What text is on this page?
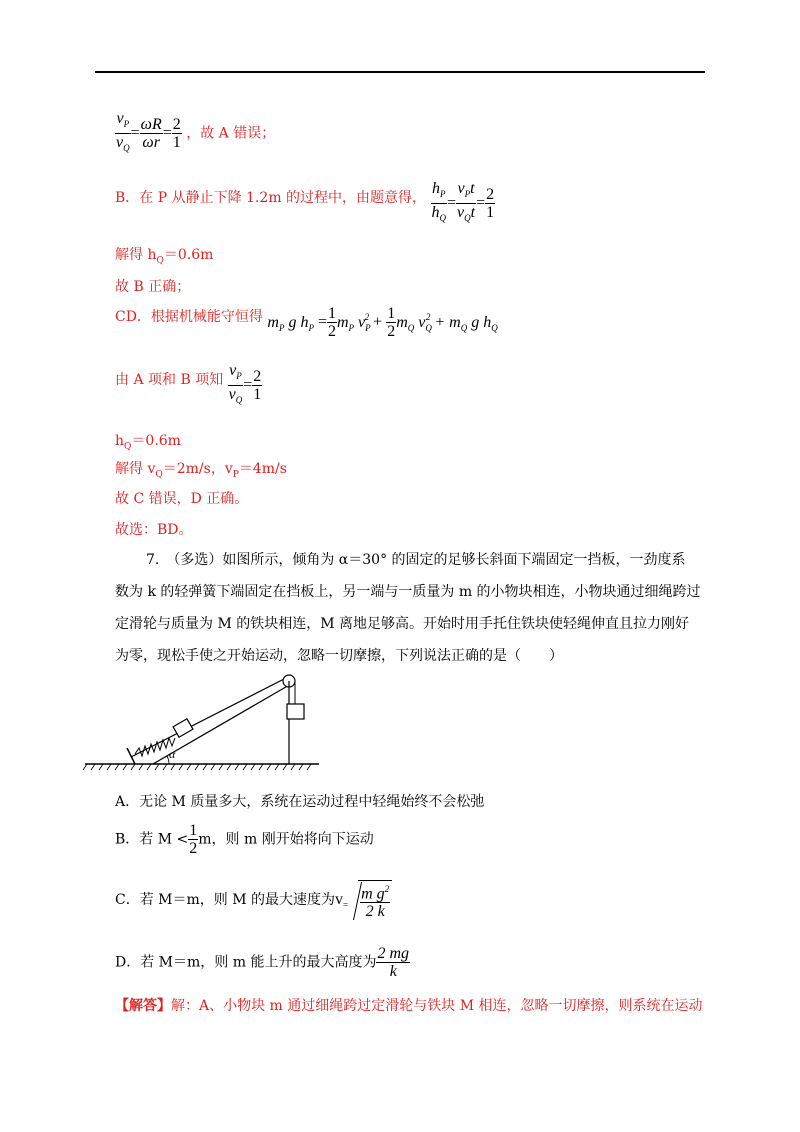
$\frac{v_P}{v_Q} = \frac{\omega R}{\omega r} = \frac{2}{1}$ ，故 A 错误；
B．在 P 从静止下降 1.2m 的过程中，由题意得， $\frac{h_P}{h_Q} = \frac{v_Pt}{v_Qt} = \frac{2}{1}$
解得 $h_Q=0.6m$
故 B 正确；
CD．根据机械能守恒得 $m_P$ g $h_P = \frac{1}{2} m_P$ $v_P^2 + \frac{1}{2} m_Q$ $v_Q^2 + m_Q$ g $h_Q$
由 A 项和 B 项知 $\frac{v_P}{v_Q} = \frac{2}{1}$
$h_Q=0.6m$
解得 $v_Q=2m/s$，$v_P=4m/s$
故 C 错误，D 正确。
故选：BD。
7.　（多选）如图所示，倾角为 α＝30° 的固定的足够长斜面下端固定一挡板，一劲度系
数为 k 的轻弹簧下端固定在挡板上，另一端与一质量为 m 的小物块相连，小物块通过细绳跨过
定滑轮与质量为 M 的铁块相连，M 离地足够高。开始时用手托住铁块使轻绳伸直且拉力刚好
为零，现松手使之开始运动，忽略一切摩擦，下列说法正确的是（　　）
α
A．无论 M 质量多大，系统在运动过程中轻绳始终不会松弛
B．若 $M < \frac{1}{2}$ m，则 m 刚开始将向下运动
C．若 M＝m，则 M 的最大速度为$v_= \frac{m g^2}{2 k}$
D．若 M＝m，则 m 能上升的最大高度为 $\frac{2 mg}{k}$
【解答】解：A、小物块 m 通过细绳跨过定滑轮与铁块 M 相连，忽略一切摩擦，则系统在运动
